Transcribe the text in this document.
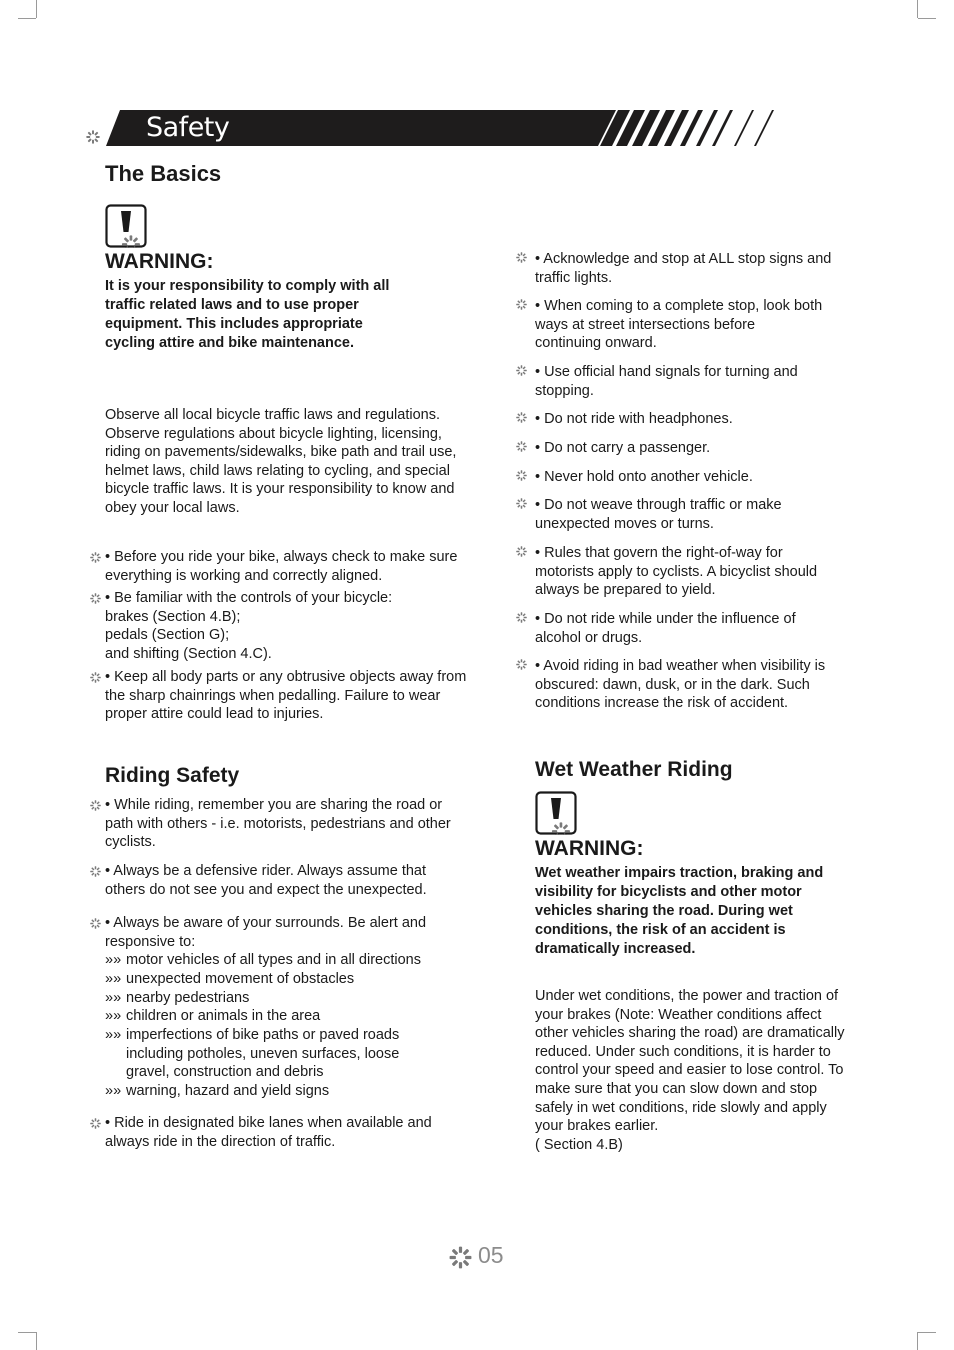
Safety
The Basics
WARNING:

It is your responsibility to comply with all traffic related laws and to use proper equipment. This includes appropriate cycling attire and bike maintenance.

Observe all local bicycle traffic laws and regulations. Observe regulations about bicycle lighting, licensing, riding on pavements/sidewalks, bike path and trail use, helmet laws, child laws relating to cycling, and special bicycle traffic laws. It is your responsibility to know and obey your local laws.

• Before you ride your bike, always check to make sure everything is working and correctly aligned.
• Be familiar with the controls of your bicycle:
brakes (Section 4.B);
pedals (Section G);
and shifting (Section 4.C).
• Keep all body parts or any obtrusive objects away from the sharp chainrings when pedalling. Failure to wear proper attire could lead to injuries.
Riding Safety
• While riding, remember you are sharing the road or path with others - i.e. motorists, pedestrians and other cyclists.
• Always be a defensive rider. Always assume that others do not see you and expect the unexpected.
• Always be aware of your surrounds. Be alert and responsive to:
»» motor vehicles of all types and in all directions
»» unexpected movement of obstacles
»» nearby pedestrians
»» children or animals in the area
»» imperfections of bike paths or paved roads including potholes, uneven surfaces, loose gravel, construction and debris
»» warning, hazard and yield signs
• Ride in designated bike lanes when available and always ride in the direction of traffic.
• Acknowledge and stop at ALL stop signs and traffic lights.
• When coming to a complete stop, look both ways at street intersections before continuing onward.
• Use official hand signals for turning and stopping.
• Do not ride with headphones.
• Do not carry a passenger.
• Never hold onto another vehicle.
• Do not weave through traffic or make unexpected moves or turns.
• Rules that govern the right-of-way for motorists apply to cyclists. A bicyclist should always be prepared to yield.
• Do not ride while under the influence of alcohol or drugs.
• Avoid riding in bad weather when visibility is obscured: dawn, dusk, or in the dark. Such conditions increase the risk of accident.
Wet Weather Riding
WARNING:

Wet weather impairs traction, braking and visibility for bicyclists and other motor vehicles sharing the road. During wet conditions, the risk of an accident is dramatically increased.

Under wet conditions, the power and traction of your brakes (Note: Weather conditions affect other vehicles sharing the road) are dramatically reduced. Under such conditions, it is harder to control your speed and easier to lose control. To make sure that you can slow down and stop safely in wet conditions, ride slowly and apply your brakes earlier.

( Section 4.B)

05
